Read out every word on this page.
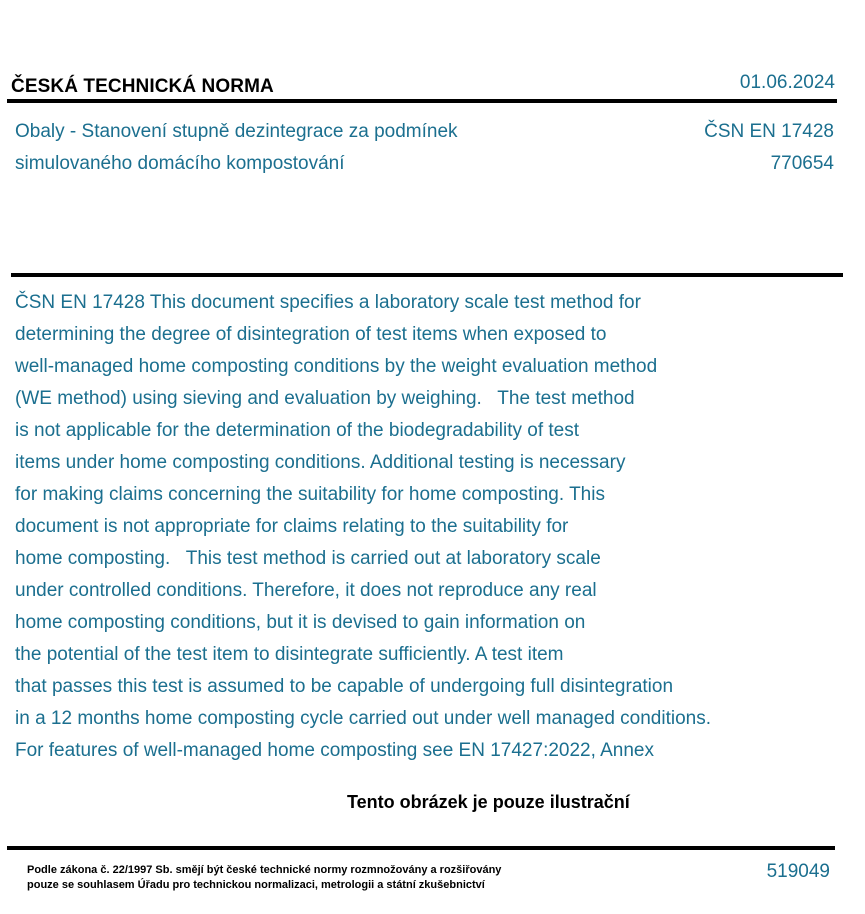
ČESKÁ TECHNICKÁ NORMA	01.06.2024
Obaly - Stanovení stupně dezintegrace za podmínek
simulovaného domácího kompostování
ČSN EN 17428
770654
ČSN EN 17428 This document specifies a laboratory scale test method for
determining the degree of disintegration of test items when exposed to
well-managed home composting conditions by the weight evaluation method
(WE method) using sieving and evaluation by weighing.   The test method
is not applicable for the determination of the biodegradability of test
items under home composting conditions. Additional testing is necessary
for making claims concerning the suitability for home composting. This
document is not appropriate for claims relating to the suitability for
home composting.   This test method is carried out at laboratory scale
under controlled conditions. Therefore, it does not reproduce any real
home composting conditions, but it is devised to gain information on
the potential of the test item to disintegrate sufficiently. A test item
that passes this test is assumed to be capable of undergoing full disintegration
in a 12 months home composting cycle carried out under well managed conditions.
For features of well-managed home composting see EN 17427:2022, Annex
Tento obrázek je pouze ilustrační
Podle zákona č. 22/1997 Sb. smějí být české technické normy rozmnožovány a rozšiřovány
pouze se souhlasem Úřadu pro technickou normalizaci, metrologii a státní zkušebnictví
519049
